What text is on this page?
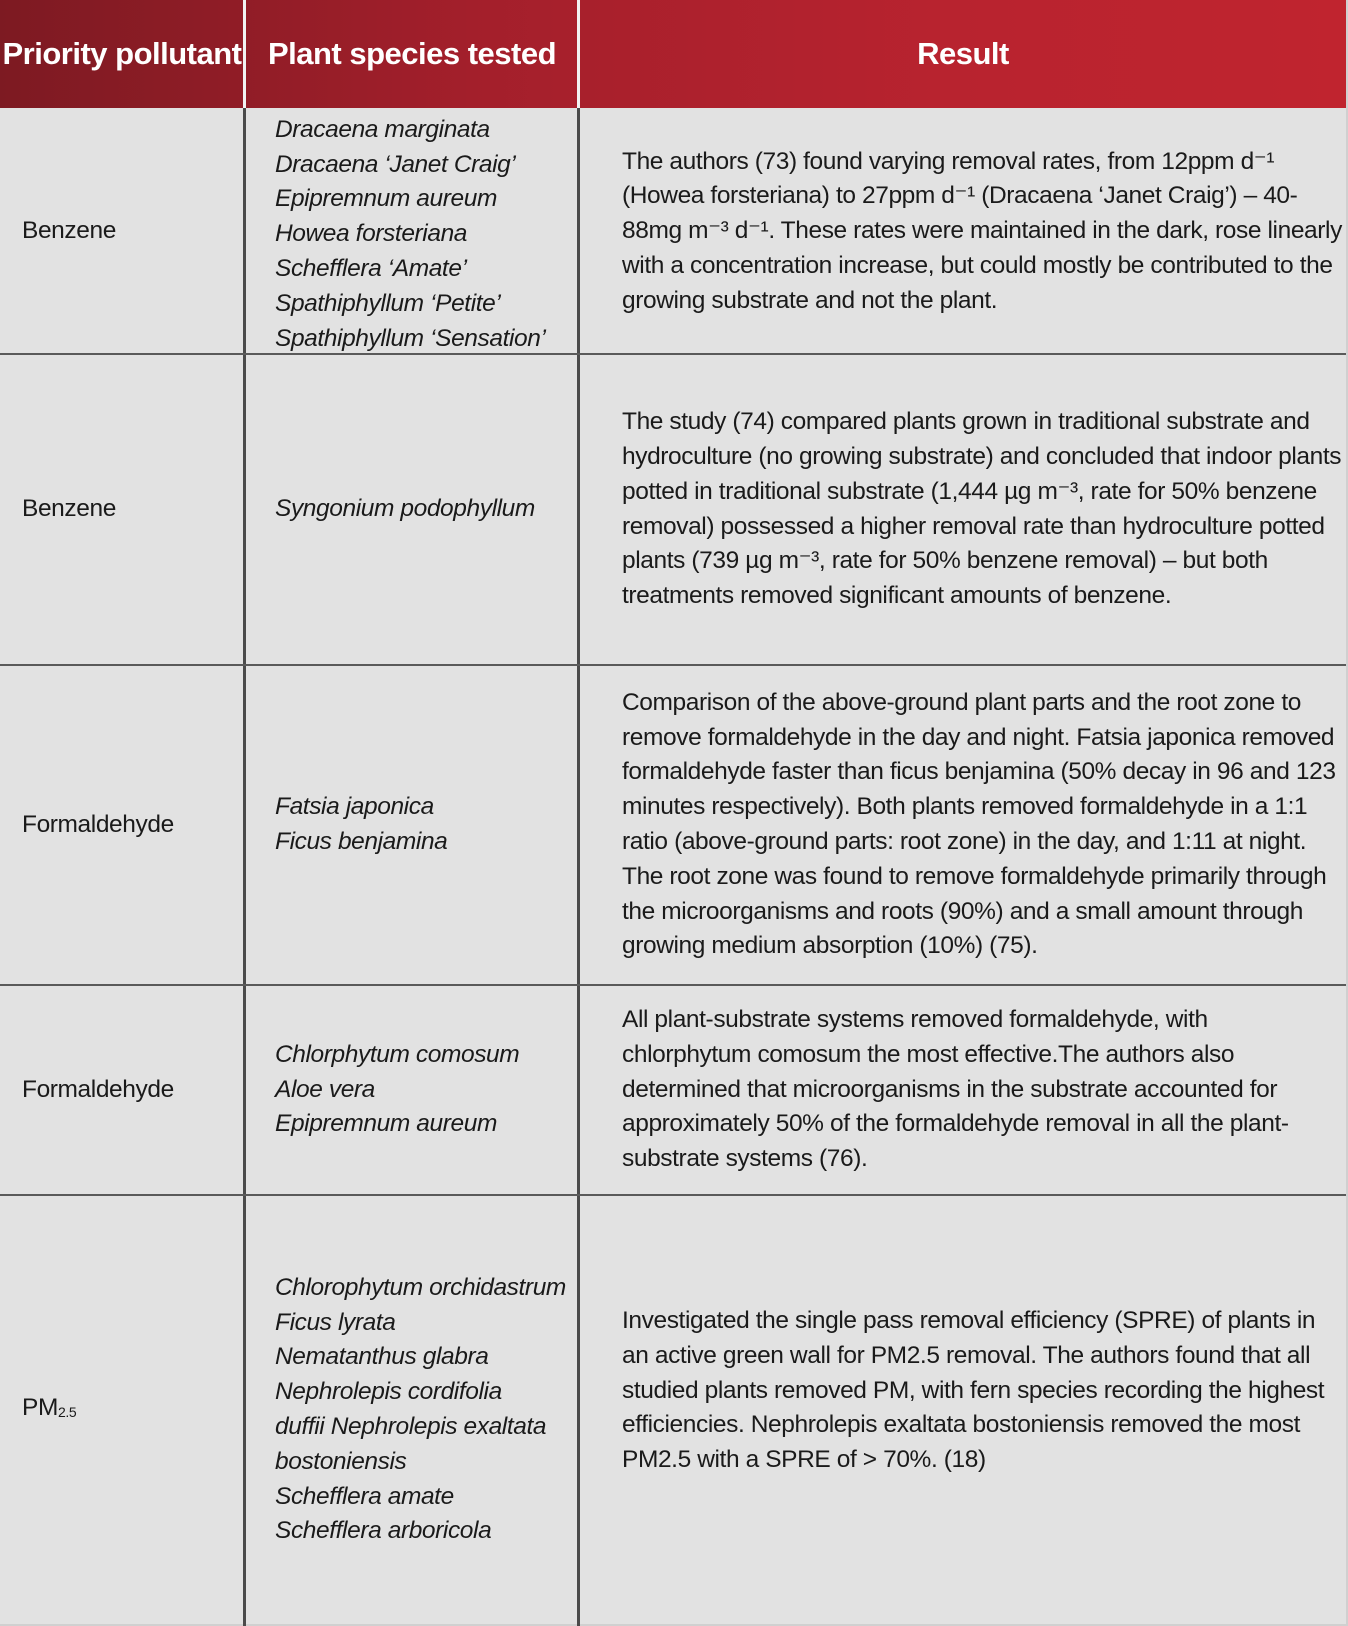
Priority pollutant Plant species tested	Result
Benzene
Dracaena marginata
Dracaena ‘Janet Craig’
Epipremnum aureum
Howea forsteriana
Schefflera ‘Amate’
Spathiphyllum ‘Petite’
Spathiphyllum ‘Sensation’
The authors (73) found varying removal rates, from 12ppm d⁻¹ (Howea forsteriana) to 27ppm d⁻¹ (Dracaena ‘Janet Craig’) – 40-88mg m⁻³ d⁻¹. These rates were maintained in the dark, rose linearly with a concentration increase, but could mostly be contributed to the growing substrate and not the plant.
Benzene	Syngonium podophyllum
The study (74) compared plants grown in traditional substrate and hydroculture (no growing substrate) and concluded that indoor plants potted in traditional substrate (1,444 µg m⁻³, rate for 50% benzene removal) possessed a higher removal rate than hydroculture potted plants (739 µg m⁻³, rate for 50% benzene removal) – but both treatments removed significant amounts of benzene.
Formaldehyde
Fatsia japonica
Ficus benjamina
Comparison of the above-ground plant parts and the root zone to remove formaldehyde in the day and night. Fatsia japonica removed formaldehyde faster than ficus benjamina (50% decay in 96 and 123 minutes respectively). Both plants removed formaldehyde in a 1:1 ratio (above-ground parts: root zone) in the day, and 1:11 at night. The root zone was found to remove formaldehyde primarily through the microorganisms and roots (90%) and a small amount through growing medium absorption (10%) (75).
Formaldehyde
Chlorphytum comosum
Aloe vera
Epipremnum aureum
All plant-substrate systems removed formaldehyde, with chlorphytum comosum the most effective.The authors also determined that microorganisms in the substrate accounted for approximately 50% of the formaldehyde removal in all the plant-substrate systems (76).
$PM_{2.5}$
Chlorophytum orchidastrum
Ficus lyrata
Nematanthus glabra
Nephrolepis cordifolia
duffii Nephrolepis exaltata
bostoniensis
Schefflera amate
Schefflera arboricola
Investigated the single pass removal efficiency (SPRE) of plants in an active green wall for PM2.5 removal. The authors found that all studied plants removed PM, with fern species recording the highest efficiencies. Nephrolepis exaltata bostoniensis removed the most PM2.5 with a SPRE of > 70%. (18)
